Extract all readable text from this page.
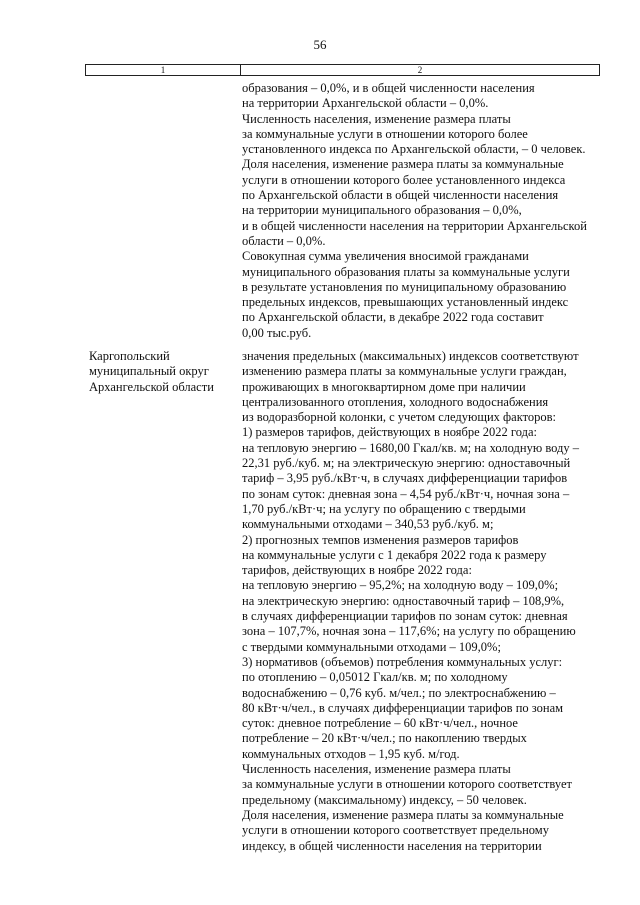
56
1	2
образования – 0,0%, и в общей численности населения
на территории Архангельской области – 0,0%.
Численность населения, изменение размера платы
за коммунальные услуги в отношении которого более
установленного индекса по Архангельской области, – 0 человек.
Доля населения, изменение размера платы за коммунальные
услуги в отношении которого более установленного индекса
по Архангельской области в общей численности населения
на территории муниципального образования – 0,0%,
и в общей численности населения на территории Архангельской
области – 0,0%.
Совокупная сумма увеличения вносимой гражданами
муниципального образования платы за коммунальные услуги
в результате установления по муниципальному образованию
предельных индексов, превышающих установленный индекс
по Архангельской области, в декабре 2022 года составит
0,00 тыс.руб.
Каргопольский
муниципальный округ
Архангельской области
значения предельных (максимальных) индексов соответствуют
изменению размера платы за коммунальные услуги граждан,
проживающих в многоквартирном доме при наличии
централизованного отопления, холодного водоснабжения
из водоразборной колонки, с учетом следующих факторов:
1) размеров тарифов, действующих в ноябре 2022 года:
на тепловую энергию – 1680,00 Гкал/кв. м; на холодную воду –
22,31 руб./куб. м; на электрическую энергию: одноставочный
тариф – 3,95 руб./кВт·ч, в случаях дифференциации тарифов
по зонам суток: дневная зона – 4,54 руб./кВт·ч, ночная зона –
1,70 руб./кВт·ч; на услугу по обращению с твердыми
коммунальными отходами – 340,53 руб./куб. м;
2) прогнозных темпов изменения размеров тарифов
на коммунальные услуги с 1 декабря 2022 года к размеру
тарифов, действующих в ноябре 2022 года:
на тепловую энергию – 95,2%; на холодную воду – 109,0%;
на электрическую энергию: одноставочный тариф – 108,9%,
в случаях дифференциации тарифов по зонам суток: дневная
зона – 107,7%, ночная зона – 117,6%; на услугу по обращению
с твердыми коммунальными отходами – 109,0%;
3) нормативов (объемов) потребления коммунальных услуг:
по отоплению – 0,05012 Гкал/кв. м; по холодному
водоснабжению – 0,76 куб. м/чел.; по электроснабжению –
80 кВт·ч/чел., в случаях дифференциации тарифов по зонам
суток: дневное потребление – 60 кВт·ч/чел., ночное
потребление – 20 кВт·ч/чел.; по накоплению твердых
коммунальных отходов – 1,95 куб. м/год.
Численность населения, изменение размера платы
за коммунальные услуги в отношении которого соответствует
предельному (максимальному) индексу, – 50 человек.
Доля населения, изменение размера платы за коммунальные
услуги в отношении которого соответствует предельному
индексу, в общей численности населения на территории
